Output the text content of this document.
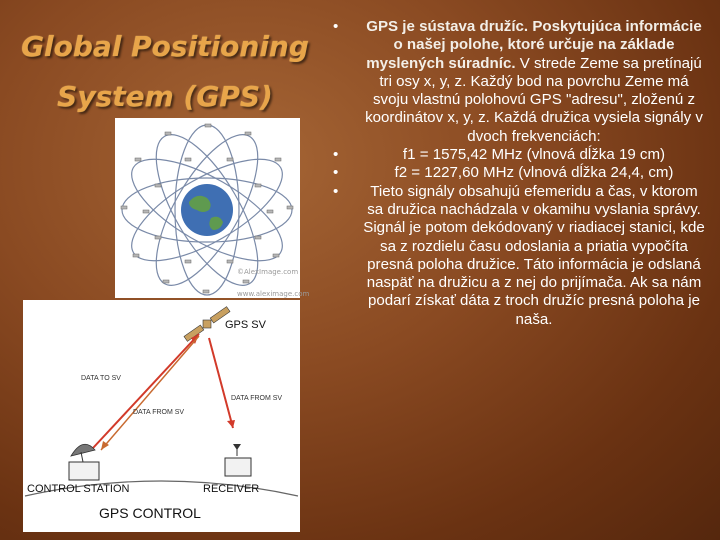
Global Positioning
System (GPS)
©AlexImage.com
www.aleximage.com
GPS SV
DATA TO SV
DATA FROM SV
DATA FROM SV
CONTROL STATION	RECEIVER
GPS CONTROL
• GPS je sústava družíc. Poskytujúca informácie o našej polohe, ktoré určuje na základe myslených súradníc. V strede Zeme sa pretínajú tri osy x, y, z. Každý bod na povrchu Zeme má svoju vlastnú polohovú GPS "adresu", zloženú z koordinátov x, y, z. Každá družica vysiela signály v dvoch frekvenciách:
• f1 = 1575,42 MHz (vlnová dĺžka 19 cm)
• f2 = 1227,60 MHz (vlnová dĺžka 24,4, cm)
• Tieto signály obsahujú efemeridu a čas, v ktorom sa družica nachádzala v okamihu vyslania správy. Signál je potom dekódovaný v riadiacej stanici, kde sa z rozdielu času odoslania a priatia vypočíta presná poloha družice. Táto informácia je odslaná naspäť na družicu a z nej do prijímača. Ak sa nám podarí získať dáta z troch družíc presná poloha je naša.
